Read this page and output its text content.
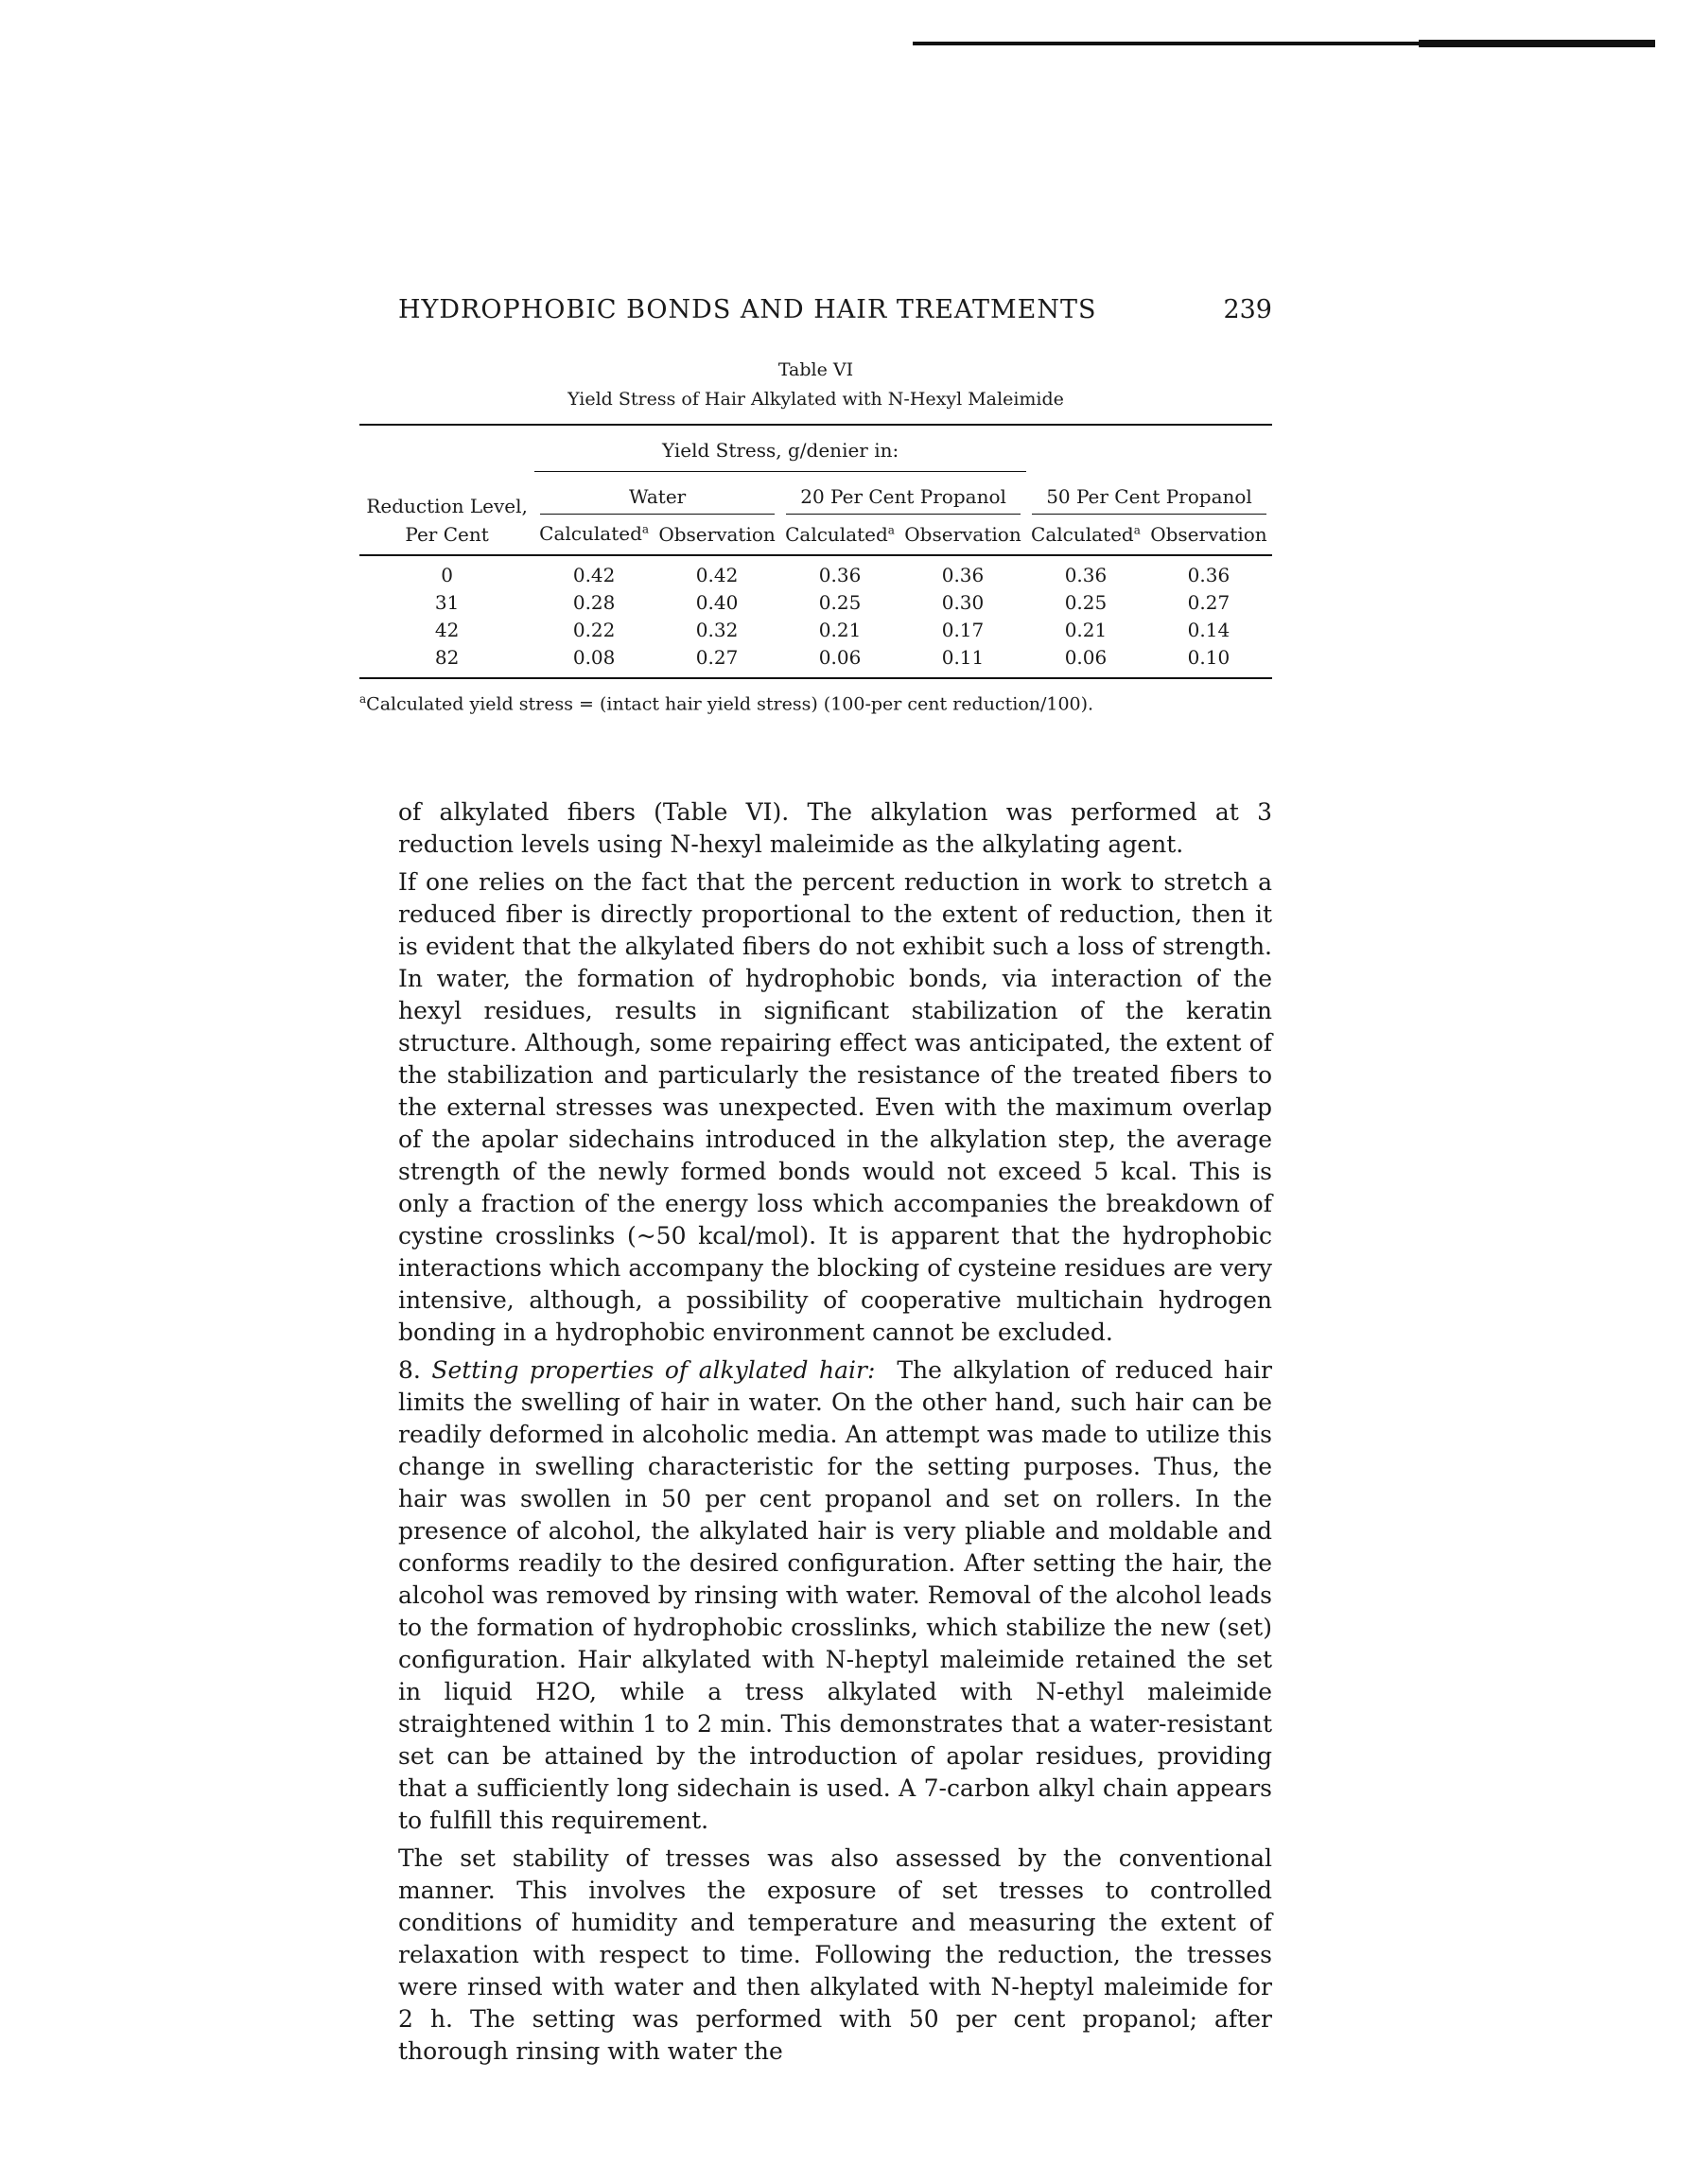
HYDROPHOBIC BONDS AND HAIR TREATMENTS	239
Table VI
Yield Stress of Hair Alkylated with N-Hexyl Maleimide

	Yield Stress, g/denier in:					

Reduction Level,
Per Cent	Water		20 Per Cent Propanol		50 Per Cent Propanol	

	Calculated$^a$	Observation	Calculated$^a$	Observation	Calculated$^a$	Observation
0	0.42	0.42	0.36	0.36	0.36	0.36
31	0.28	0.40	0.25	0.30	0.25	0.27
42	0.22	0.32	0.21	0.17	0.21	0.14
82	0.08	0.27	0.06	0.11	0.06	0.10
$^a$Calculated yield stress = (intact hair yield stress) (100-per cent reduction/100).

of alkylated fibers (Table VI). The alkylation was performed at 3 reduction levels using N-hexyl maleimide as the alkylating agent.

If one relies on the fact that the percent reduction in work to stretch a reduced fiber is directly proportional to the extent of reduction, then it is evident that the alkylated fibers do not exhibit such a loss of strength. In water, the formation of hydrophobic bonds, via interaction of the hexyl residues, results in significant stabilization of the keratin structure. Although, some repairing effect was anticipated, the extent of the stabilization and particularly the resistance of the treated fibers to the external stresses was unexpected. Even with the maximum overlap of the apolar sidechains introduced in the alkylation step, the average strength of the newly formed bonds would not exceed 5 kcal. This is only a fraction of the energy loss which accompanies the breakdown of cystine crosslinks (~50 kcal/mol). It is apparent that the hydrophobic interactions which accompany the blocking of cysteine residues are very intensive, although, a possibility of cooperative multichain hydrogen bonding in a hydrophobic environment cannot be excluded.

8. Setting properties of alkylated hair: The alkylation of reduced hair limits the swelling of hair in water. On the other hand, such hair can be readily deformed in alcoholic media. An attempt was made to utilize this change in swelling characteristic for the setting purposes. Thus, the hair was swollen in 50 per cent propanol and set on rollers. In the presence of alcohol, the alkylated hair is very pliable and moldable and conforms readily to the desired configuration. After setting the hair, the alcohol was removed by rinsing with water. Removal of the alcohol leads to the formation of hydrophobic crosslinks, which stabilize the new (set) configuration. Hair alkylated with N-heptyl maleimide retained the set in liquid H2O, while a tress alkylated with N-ethyl maleimide straightened within 1 to 2 min. This demonstrates that a water-resistant set can be attained by the introduction of apolar residues, providing that a sufficiently long sidechain is used. A 7-carbon alkyl chain appears to fulfill this requirement.

The set stability of tresses was also assessed by the conventional manner. This involves the exposure of set tresses to controlled conditions of humidity and temperature and measuring the extent of relaxation with respect to time. Following the reduction, the tresses were rinsed with water and then alkylated with N-heptyl maleimide for 2 h. The setting was performed with 50 per cent propanol; after thorough rinsing with water the
